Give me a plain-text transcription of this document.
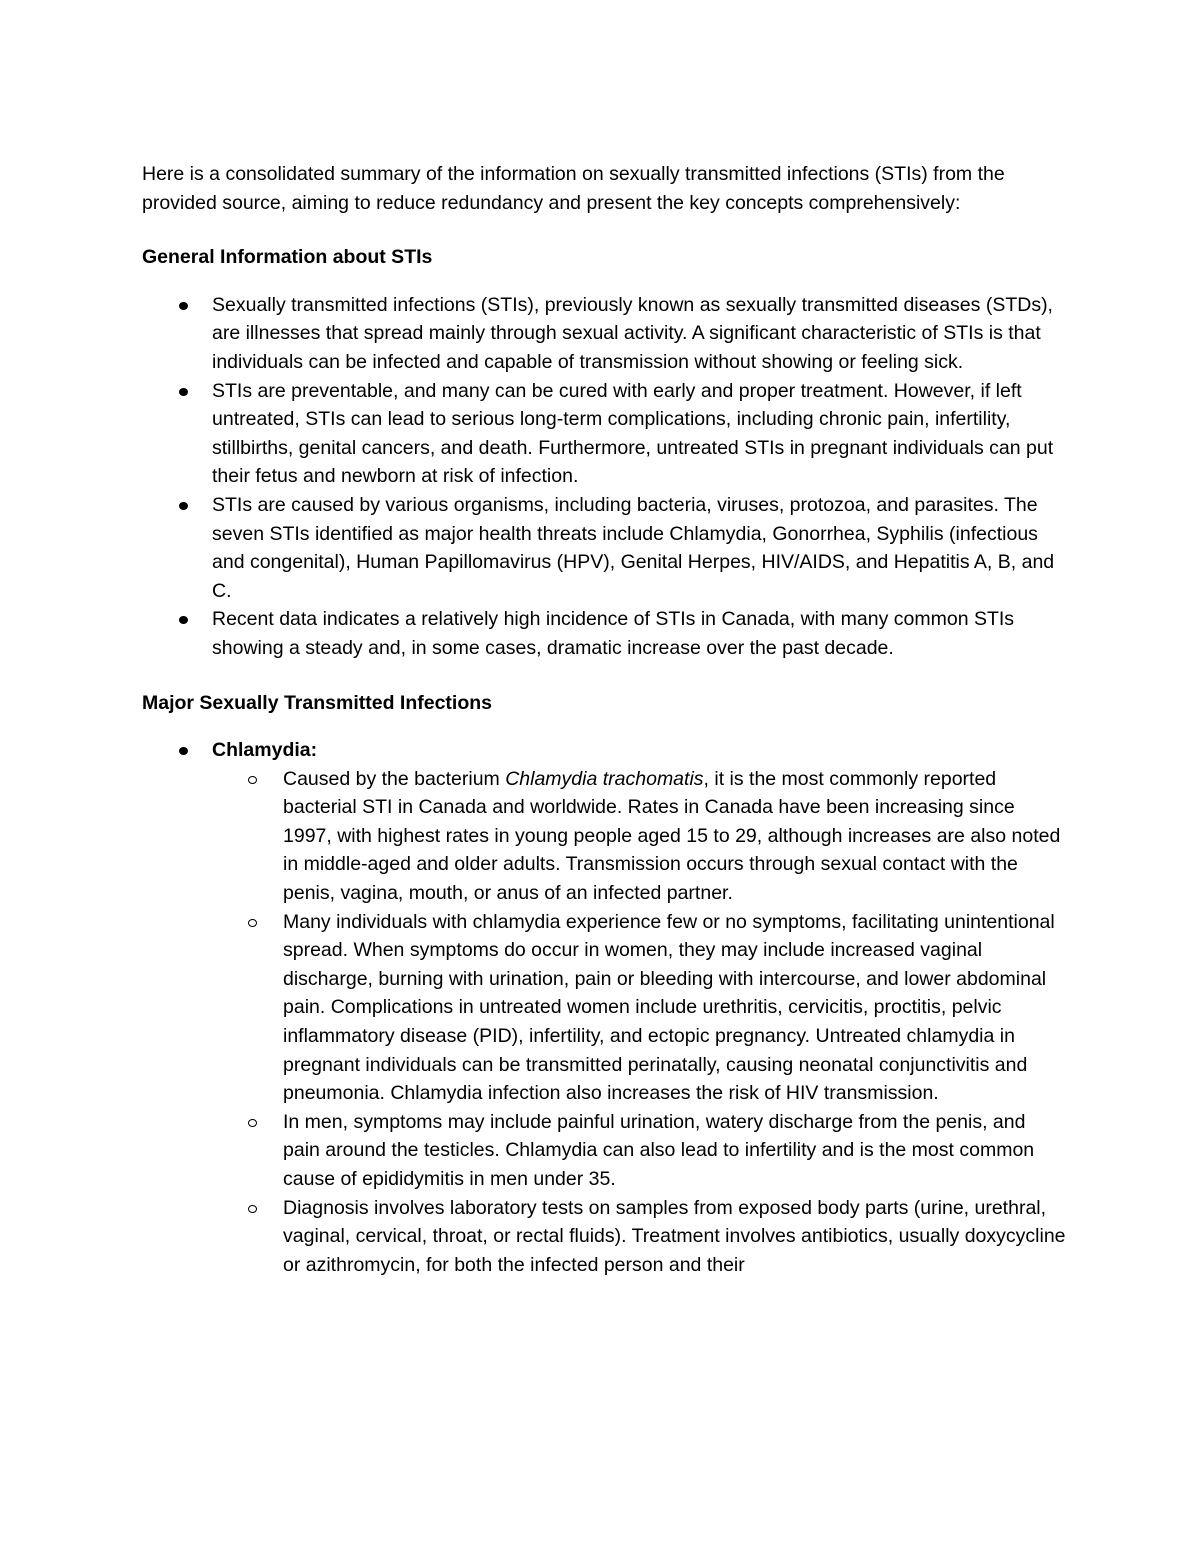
Here is a consolidated summary of the information on sexually transmitted infections (STIs) from the provided source, aiming to reduce redundancy and present the key concepts comprehensively:

General Information about STIs
Sexually transmitted infections (STIs), previously known as sexually transmitted diseases (STDs), are illnesses that spread mainly through sexual activity. A significant characteristic of STIs is that individuals can be infected and capable of transmission without showing or feeling sick.
STIs are preventable, and many can be cured with early and proper treatment. However, if left untreated, STIs can lead to serious long-term complications, including chronic pain, infertility, stillbirths, genital cancers, and death. Furthermore, untreated STIs in pregnant individuals can put their fetus and newborn at risk of infection.
STIs are caused by various organisms, including bacteria, viruses, protozoa, and parasites. The seven STIs identified as major health threats include Chlamydia, Gonorrhea, Syphilis (infectious and congenital), Human Papillomavirus (HPV), Genital Herpes, HIV/AIDS, and Hepatitis A, B, and C.
Recent data indicates a relatively high incidence of STIs in Canada, with many common STIs showing a steady and, in some cases, dramatic increase over the past decade.
Major Sexually Transmitted Infections
Chlamydia:
Caused by the bacterium Chlamydia trachomatis, it is the most commonly reported bacterial STI in Canada and worldwide. Rates in Canada have been increasing since 1997, with highest rates in young people aged 15 to 29, although increases are also noted in middle-aged and older adults. Transmission occurs through sexual contact with the penis, vagina, mouth, or anus of an infected partner.
Many individuals with chlamydia experience few or no symptoms, facilitating unintentional spread. When symptoms do occur in women, they may include increased vaginal discharge, burning with urination, pain or bleeding with intercourse, and lower abdominal pain. Complications in untreated women include urethritis, cervicitis, proctitis, pelvic inflammatory disease (PID), infertility, and ectopic pregnancy. Untreated chlamydia in pregnant individuals can be transmitted perinatally, causing neonatal conjunctivitis and pneumonia. Chlamydia infection also increases the risk of HIV transmission.
In men, symptoms may include painful urination, watery discharge from the penis, and pain around the testicles. Chlamydia can also lead to infertility and is the most common cause of epididymitis in men under 35.
Diagnosis involves laboratory tests on samples from exposed body parts (urine, urethral, vaginal, cervical, throat, or rectal fluids). Treatment involves antibiotics, usually doxycycline or azithromycin, for both the infected person and their
